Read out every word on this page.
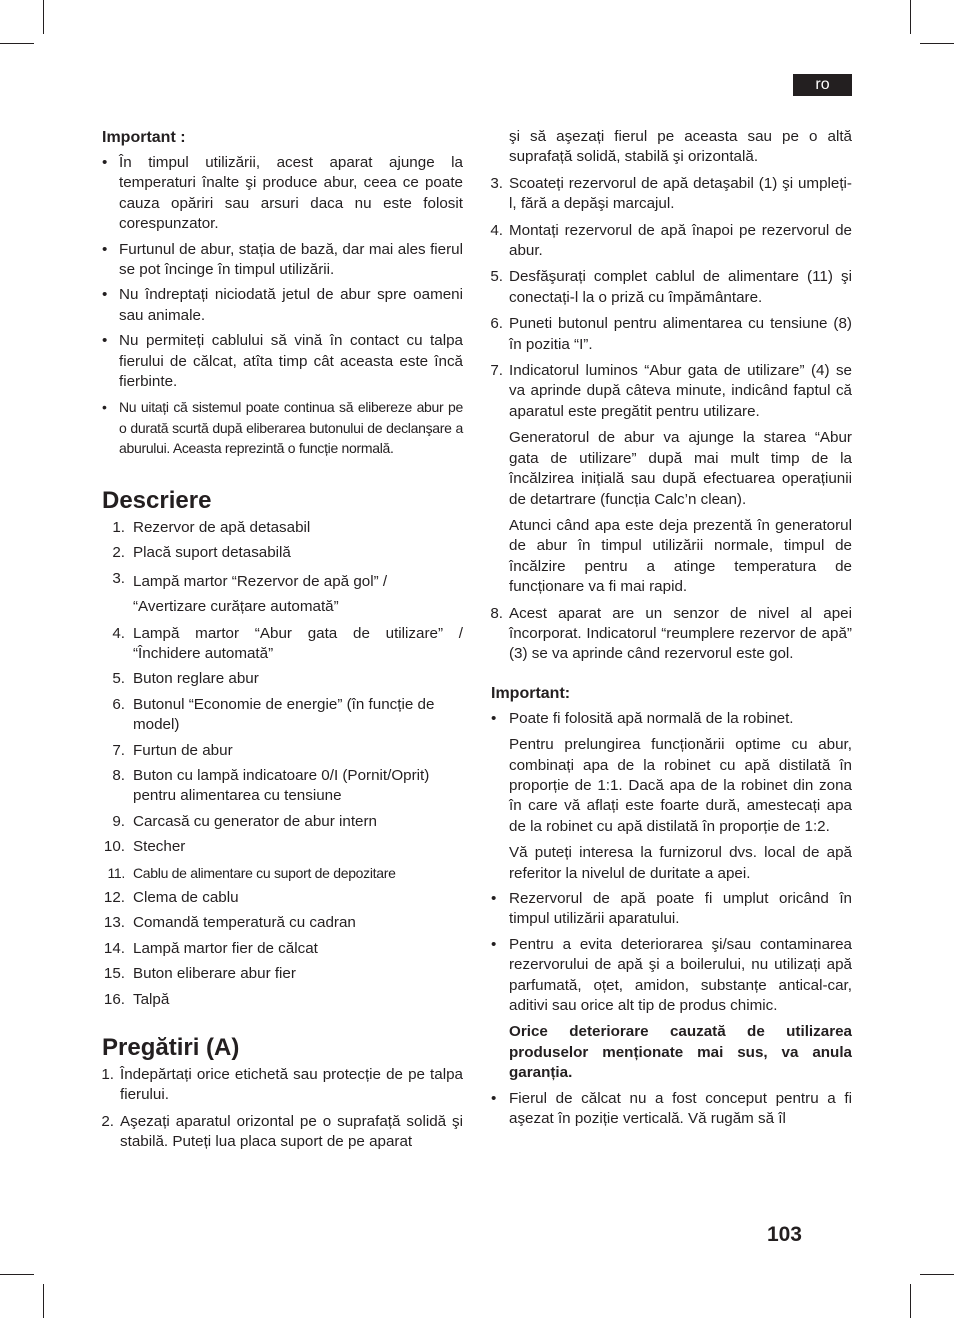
ro
Important :
• În timpul utilizării, acest aparat ajunge la temperaturi înalte şi produce abur, ceea ce poate cauza opăriri sau arsuri daca nu este folosit corespunzator.
• Furtunul de abur, stația de bază, dar mai ales fierul se pot încinge în timpul utilizării.
• Nu îndreptați niciodată jetul de abur spre oameni sau animale.
• Nu permiteți cablului să vină în contact cu talpa fierului de călcat, atîta timp cât aceasta este încă fierbinte.
• Nu uitați că sistemul poate continua să elibereze abur pe o durată scurtă după eliberarea butonului de declanşare a aburului. Aceasta reprezintă o funcție normală.
Descriere
1. Rezervor de apă detasabil
2. Placă suport detasabilă
3. Lampă martor “Rezervor de apă gol” / “Avertizare curățare automată”
4. Lampă martor “Abur gata de utilizare” / “Închidere automată”
5. Buton reglare abur
6. Butonul “Economie de energie” (în funcție de model)
7. Furtun de abur
8. Buton cu lampă indicatoare 0/I (Pornit/Oprit) pentru alimentarea cu tensiune
9. Carcasă cu generator de abur intern
10. Stecher
11. Cablu de alimentare cu suport de depozitare
12. Clema de cablu
13. Comandă temperatură cu cadran
14. Lampă martor fier de călcat
15. Buton eliberare abur fier
16. Talpă
Pregătiri (A)
1. Îndepărtați orice etichetă sau protecție de pe talpa fierului.
2. Aşezați aparatul orizontal pe o suprafață solidă şi stabilă. Puteți lua placa suport de pe aparat
şi să aşezați fierul pe aceasta sau pe o altă suprafață solidă, stabilă şi orizontală.
3. Scoateți rezervorul de apă detaşabil (1) şi umpleți-l, fără a depăşi marcajul.
4. Montați rezervorul de apă înapoi pe rezervorul de abur.
5. Desfăşurați complet cablul de alimentare (11) şi conectați-l la o priză cu împământare.
6. Puneti butonul pentru alimentarea cu tensiune (8) în pozitia “I”.
7. Indicatorul luminos “Abur gata de utilizare” (4) se va aprinde după câteva minute, indicând faptul că aparatul este pregătit pentru utilizare.
Generatorul de abur va ajunge la starea “Abur gata de utilizare” după mai mult timp de la încălzirea inițială sau după efectuarea operațiunii de detartrare (funcția Calc’n clean).
Atunci când apa este deja prezentă în generatorul de abur în timpul utilizării normale, timpul de încălzire pentru a atinge temperatura de funcționare va fi mai rapid.
8. Acest aparat are un senzor de nivel al apei încorporat. Indicatorul “reumplere rezervor de apă” (3) se va aprinde când rezervorul este gol.
Important:
• Poate fi folosită apă normală de la robinet.
Pentru prelungirea funcționării optime cu abur, combinați apa de la robinet cu apă distilată în proporție de 1:1. Dacă apa de la robinet din zona în care vă aflați este foarte dură, amestecați apa de la robinet cu apă distilată în proporție de 1:2.
Vă puteți interesa la furnizorul dvs. local de apă referitor la nivelul de duritate a apei.
• Rezervorul de apă poate fi umplut oricând în timpul utilizării aparatului.
• Pentru a evita deteriorarea şi/sau contaminarea rezervorului de apă şi a boilerului, nu utilizați apă parfumată, oțet, amidon, substanțe antical-car, aditivi sau orice alt tip de produs chimic.
Orice deteriorare cauzată de utilizarea produselor menționate mai sus, va anula garanția.
• Fierul de călcat nu a fost conceput pentru a fi aşezat în poziție verticală. Vă rugăm să îl
103
